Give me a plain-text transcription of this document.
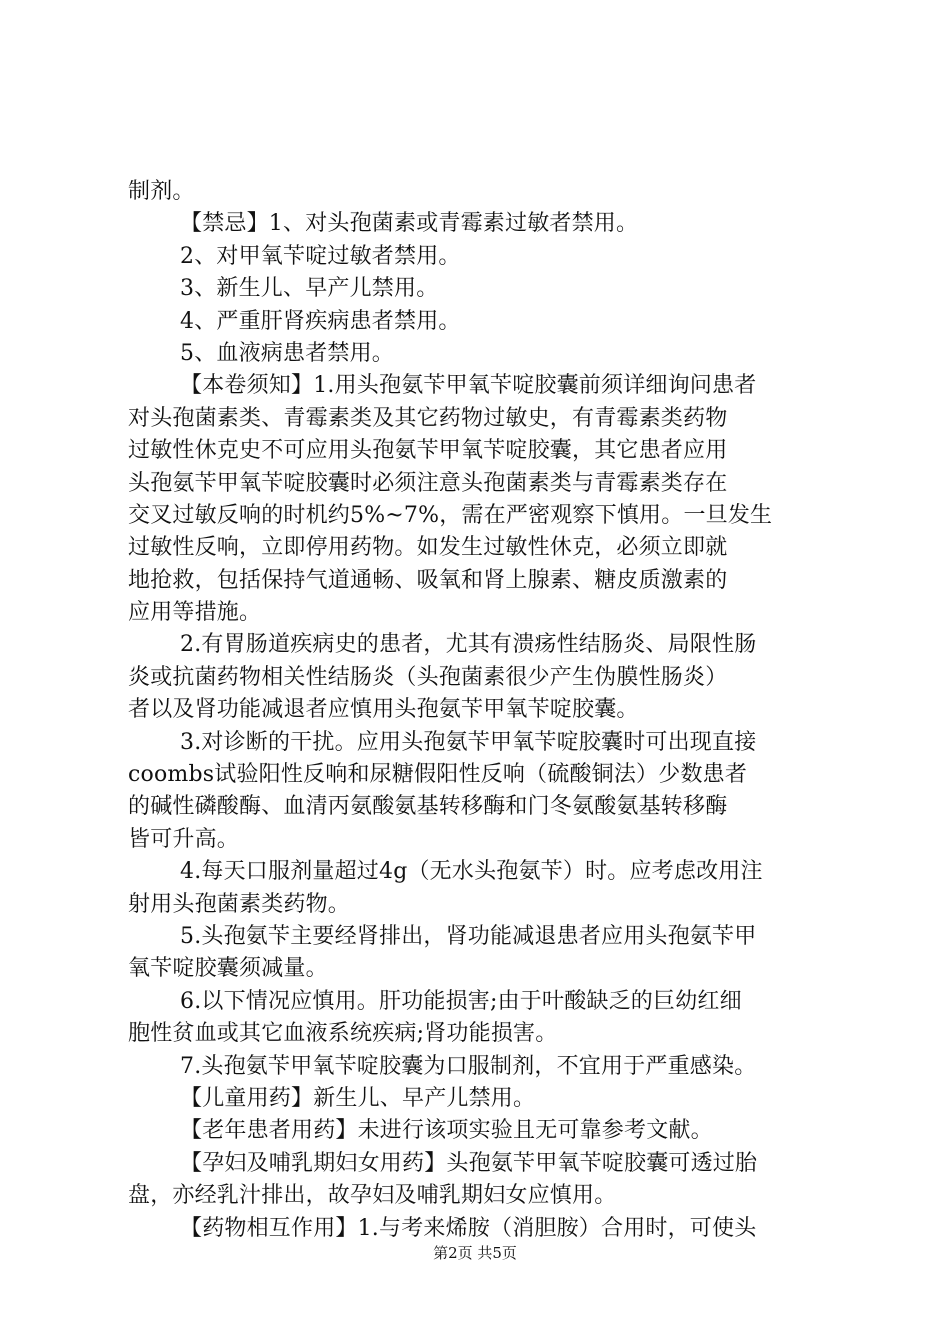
制剂。
【禁忌】1、对头孢菌素或青霉素过敏者禁用。
2、对甲氧苄啶过敏者禁用。
3、新生儿、早产儿禁用。
4、严重肝肾疾病患者禁用。
5、血液病患者禁用。
【本卷须知】1.用头孢氨苄甲氧苄啶胶囊前须详细询问患者
对头孢菌素类、青霉素类及其它药物过敏史，有青霉素类药物
过敏性休克史不可应用头孢氨苄甲氧苄啶胶囊，其它患者应用
头孢氨苄甲氧苄啶胶囊时必须注意头孢菌素类与青霉素类存在
交叉过敏反响的时机约5%~7%，需在严密观察下慎用。一旦发生
过敏性反响，立即停用药物。如发生过敏性休克，必须立即就
地抢救，包括保持气道通畅、吸氧和肾上腺素、糖皮质激素的
应用等措施。
2.有胃肠道疾病史的患者，尤其有溃疡性结肠炎、局限性肠
炎或抗菌药物相关性结肠炎（头孢菌素很少产生伪膜性肠炎）
者以及肾功能减退者应慎用头孢氨苄甲氧苄啶胶囊。
3.对诊断的干扰。应用头孢氨苄甲氧苄啶胶囊时可出现直接
coombs试验阳性反响和尿糖假阳性反响（硫酸铜法）少数患者
的碱性磷酸酶、血清丙氨酸氨基转移酶和门冬氨酸氨基转移酶
皆可升高。
4.每天口服剂量超过4g（无水头孢氨苄）时。应考虑改用注
射用头孢菌素类药物。
5.头孢氨苄主要经肾排出，肾功能减退患者应用头孢氨苄甲
氧苄啶胶囊须减量。
6.以下情况应慎用。肝功能损害;由于叶酸缺乏的巨幼红细
胞性贫血或其它血液系统疾病;肾功能损害。
7.头孢氨苄甲氧苄啶胶囊为口服制剂，不宜用于严重感染。
【儿童用药】新生儿、早产儿禁用。
【老年患者用药】未进行该项实验且无可靠参考文献。
【孕妇及哺乳期妇女用药】头孢氨苄甲氧苄啶胶囊可透过胎
盘，亦经乳汁排出，故孕妇及哺乳期妇女应慎用。
【药物相互作用】1.与考来烯胺（消胆胺）合用时，可使头
第2页 共5页
